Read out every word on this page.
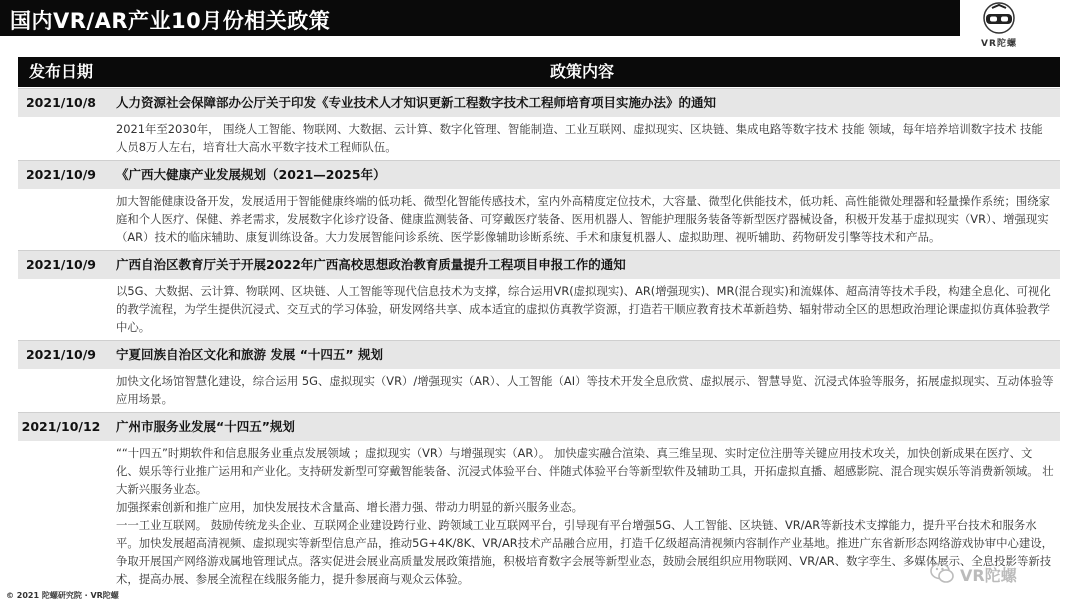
国内VR/AR产业10月份相关政策
VR陀螺
发布日期	政策内容
2021/10/8	人力资源社会保障部办公厅关于印发《专业技术人才知识更新工程数字技术工程师培育项目实施办法》的通知
2021年至2030年， 围绕人工智能、物联网、大数据、云计算、数字化管理、智能制造、工业互联网、虚拟现实、区块链、集成电路等数字技术 技能 领域，每年培养培训数字技术 技能人员8万人左右，培育壮大高水平数字技术工程师队伍。
2021/10/9	《广西大健康产业发展规划（2021—2025年）
加大智能健康设备开发，发展适用于智能健康终端的低功耗、微型化智能传感技术，室内外高精度定位技术，大容量、微型化供能技术，低功耗、高性能微处理器和轻量操作系统；围绕家庭和个人医疗、保健、养老需求，发展数字化诊疗设备、健康监测装备、可穿戴医疗装备、医用机器人、智能护理服务装备等新型医疗器械设备，积极开发基于虚拟现实（VR）、增强现实（AR）技术的临床辅助、康复训练设备。大力发展智能问诊系统、医学影像辅助诊断系统、手术和康复机器人、虚拟助理、视听辅助、药物研发引擎等技术和产品。
2021/10/9	广西自治区教育厅关于开展2022年广西高校思想政治教育质量提升工程项目申报工作的通知
以5G、大数据、云计算、物联网、区块链、人工智能等现代信息技术为支撑，综合运用VR(虚拟现实)、AR(增强现实)、MR(混合现实)和流媒体、超高清等技术手段，构建全息化、可视化的教学流程，为学生提供沉浸式、交互式的学习体验，研发网络共享、成本适宜的虚拟仿真教学资源，打造若干顺应教育技术革新趋势、辐射带动全区的思想政治理论课虚拟仿真体验教学中心。
2021/10/9	宁夏回族自治区文化和旅游 发展 “十四五” 规划
加快文化场馆智慧化建设，综合运用 5G、虚拟现实（VR）/增强现实（AR）、人工智能（AI）等技术开发全息欣赏、虚拟展示、智慧导览、沉浸式体验等服务，拓展虚拟现实、互动体验等应用场景。
2021/10/12 广州市服务业发展“十四五”规划
““十四五”时期软件和信息服务业重点发展领域 ；虚拟现实（VR）与增强现实（AR）。 加快虚实融合渲染、真三维呈现、实时定位注册等关键应用技术攻关，加快创新成果在医疗、文化、娱乐等行业推广运用和产业化。支持研发新型可穿戴智能装备、沉浸式体验平台、伴随式体验平台等新型软件及辅助工具，开拓虚拟直播、超感影院、混合现实娱乐等消费新领域。 壮大新兴服务业态。
加强探索创新和推广应用，加快发展技术含量高、增长潜力强、带动力明显的新兴服务业态。
一一工业互联网。 鼓励传统龙头企业、互联网企业建设跨行业、跨领域工业互联网平台，引导现有平台增强5G、人工智能、区块链、VR/AR等新技术支撑能力，提升平台技术和服务水平。加快发展超高清视频、虚拟现实等新型信息产品，推动5G+4K/8K、VR/AR技术产品融合应用，打造千亿级超高清视频内容制作产业基地。推进广东省新形态网络游戏协审中心建设，争取开展国产网络游戏属地管理试点。落实促进会展业高质量发展政策措施，积极培育数字会展等新型业态，鼓励会展组织应用物联网、VR/AR、数字孪生、多媒体展示、全息投影等新技术，提高办展、参展全流程在线服务能力，提升参展商与观众云体验。
© 2021 陀螺研究院 · VR陀螺
VR陀螺
